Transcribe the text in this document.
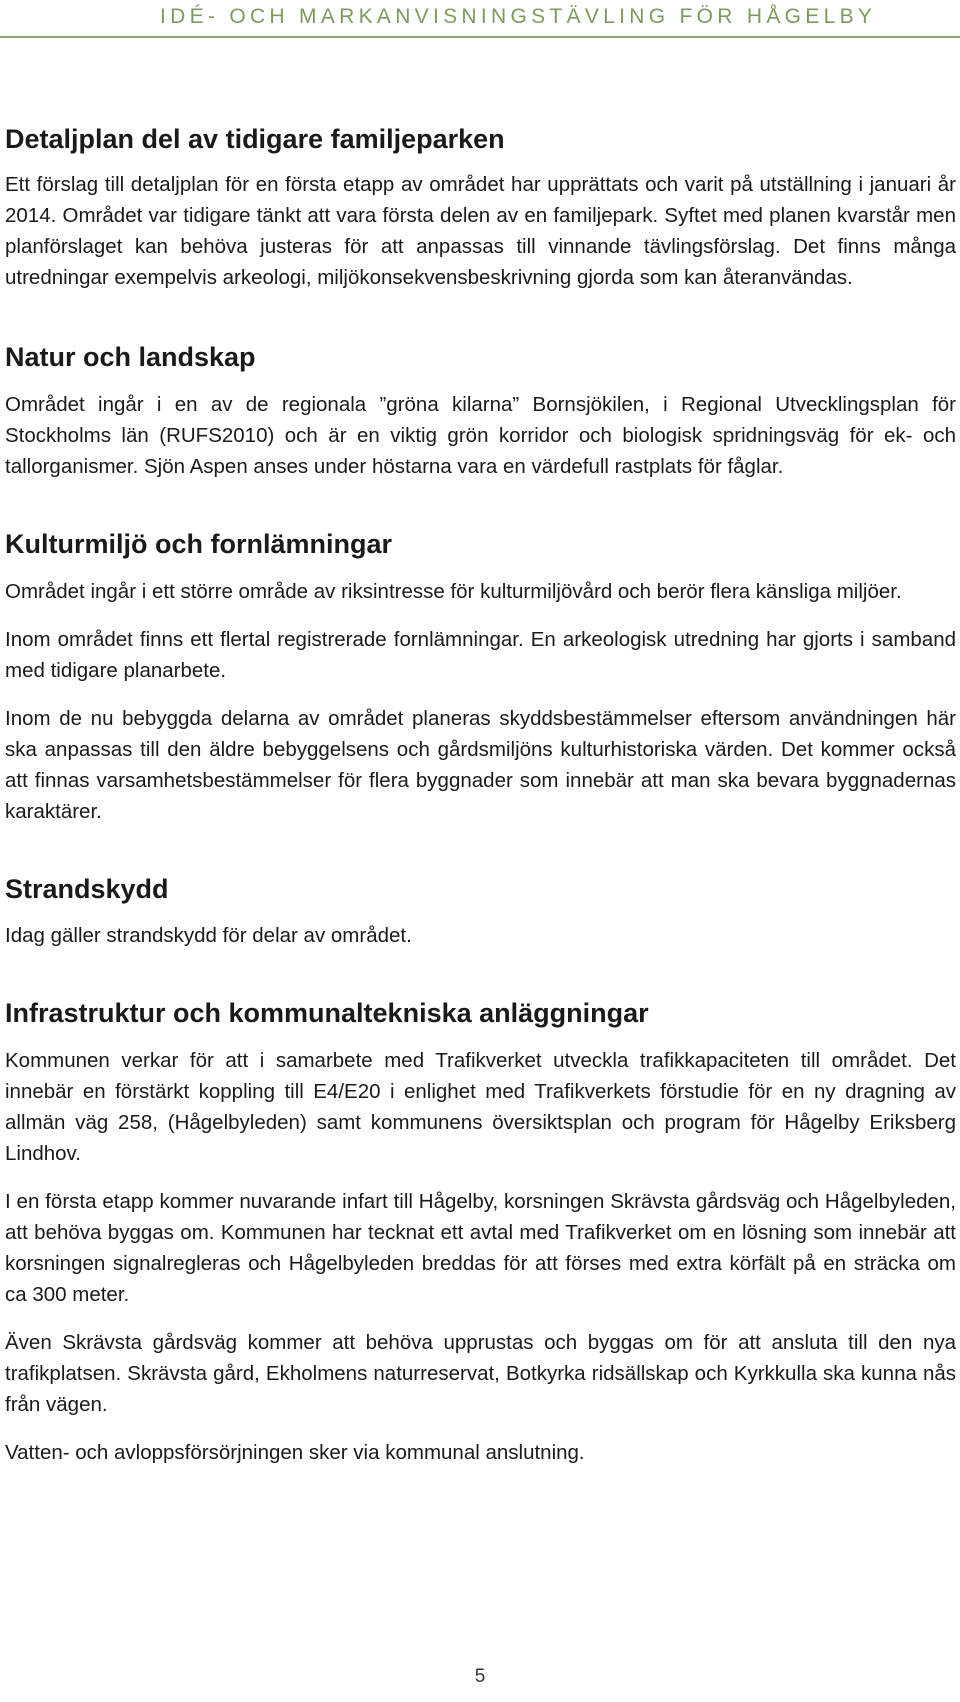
IDÉ- OCH MARKANVISNINGSTÄVLING FÖR HÅGELBY
Detaljplan del av tidigare familjeparken

Ett förslag till detaljplan för en första etapp av området har upprättats och varit på utställning i januari år 2014. Området var tidigare tänkt att vara första delen av en familjepark. Syftet med planen kvarstår men planförslaget kan behöva justeras för att anpassas till vinnande tävlingsförslag. Det finns många utredningar exempelvis arkeologi, miljökonsekvensbeskrivning gjorda som kan återanvändas.

Natur och landskap

Området ingår i en av de regionala ”gröna kilarna” Bornsjökilen, i Regional Utvecklingsplan för Stockholms län (RUFS2010) och är en viktig grön korridor och biologisk spridningsväg för ek- och tallorganismer. Sjön Aspen anses under höstarna vara en värdefull rastplats för fåglar.

Kulturmiljö och fornlämningar

Området ingår i ett större område av riksintresse för kulturmiljövård och berör flera känsliga miljöer.

Inom området finns ett flertal registrerade fornlämningar. En arkeologisk utredning har gjorts i samband med tidigare planarbete.

Inom de nu bebyggda delarna av området planeras skyddsbestämmelser eftersom användningen här ska anpassas till den äldre bebyggelsens och gårdsmiljöns kulturhistoriska värden. Det kommer också att finnas varsamhetsbestämmelser för flera byggnader som innebär att man ska bevara byggnadernas karaktärer.

Strandskydd

Idag gäller strandskydd för delar av området.

Infrastruktur och kommunaltekniska anläggningar

Kommunen verkar för att i samarbete med Trafikverket utveckla trafikkapaciteten till området. Det innebär en förstärkt koppling till E4/E20 i enlighet med Trafikverkets förstudie för en ny dragning av allmän väg 258, (Hågelbyleden) samt kommunens översiktsplan och program för Hågelby Eriksberg Lindhov.

I en första etapp kommer nuvarande infart till Hågelby, korsningen Skrävsta gårdsväg och Hågelbyleden, att behöva byggas om. Kommunen har tecknat ett avtal med Trafikverket om en lösning som innebär att korsningen signalregleras och Hågelbyleden breddas för att förses med extra körfält på en sträcka om ca 300 meter.

Även Skrävsta gårdsväg kommer att behöva upprustas och byggas om för att ansluta till den nya trafikplatsen. Skrävsta gård, Ekholmens naturreservat, Botkyrka ridsällskap och Kyrkkulla ska kunna nås från vägen.

Vatten- och avloppsförsörjningen sker via kommunal anslutning.

5
